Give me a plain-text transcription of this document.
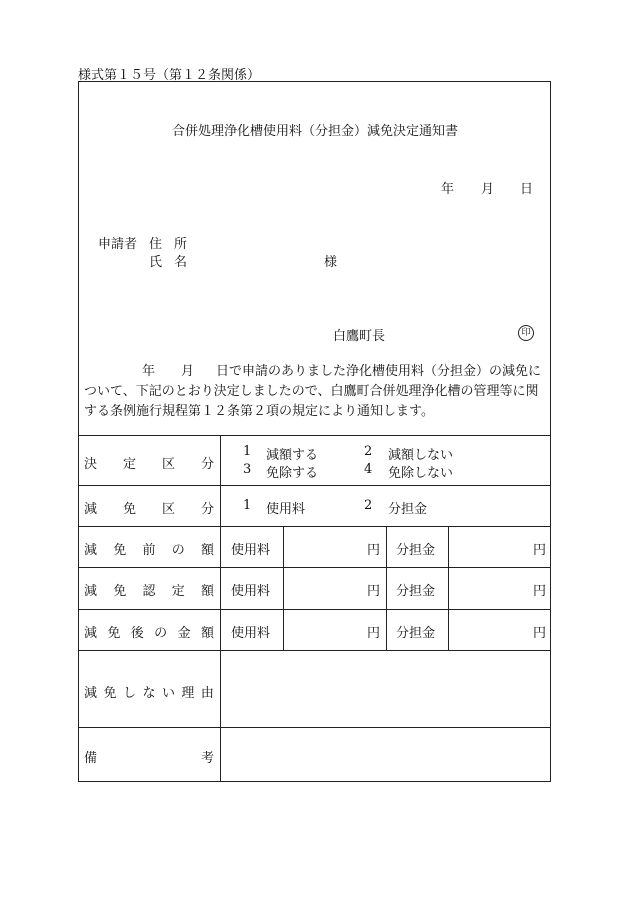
様式第１５号（第１２条関係）
合併処理浄化槽使用料（分担金）減免決定通知書
年 月 日
申請者 住 所
氏 名	様
白鷹町長	印
年 月 日で申請のありました浄化槽使用料（分担金）の減免について、下記のとおり決定しましたので、白鷹町合併処理浄化槽の管理等に関する条例施行規程第１２条第２項の規定により通知します。
決 定 区 分
1 減額する	2 減額しない
3 免除する	4 免除しない
減 免 区 分 1 使用料	2 分担金
減 免 前 の 額 使用料	円 分担金	円
減 免 認 定 額 使用料	円 分担金	円
減 免 後 の 金 額 使用料	円 分担金	円
減 免 し な い 理 由
備	考
